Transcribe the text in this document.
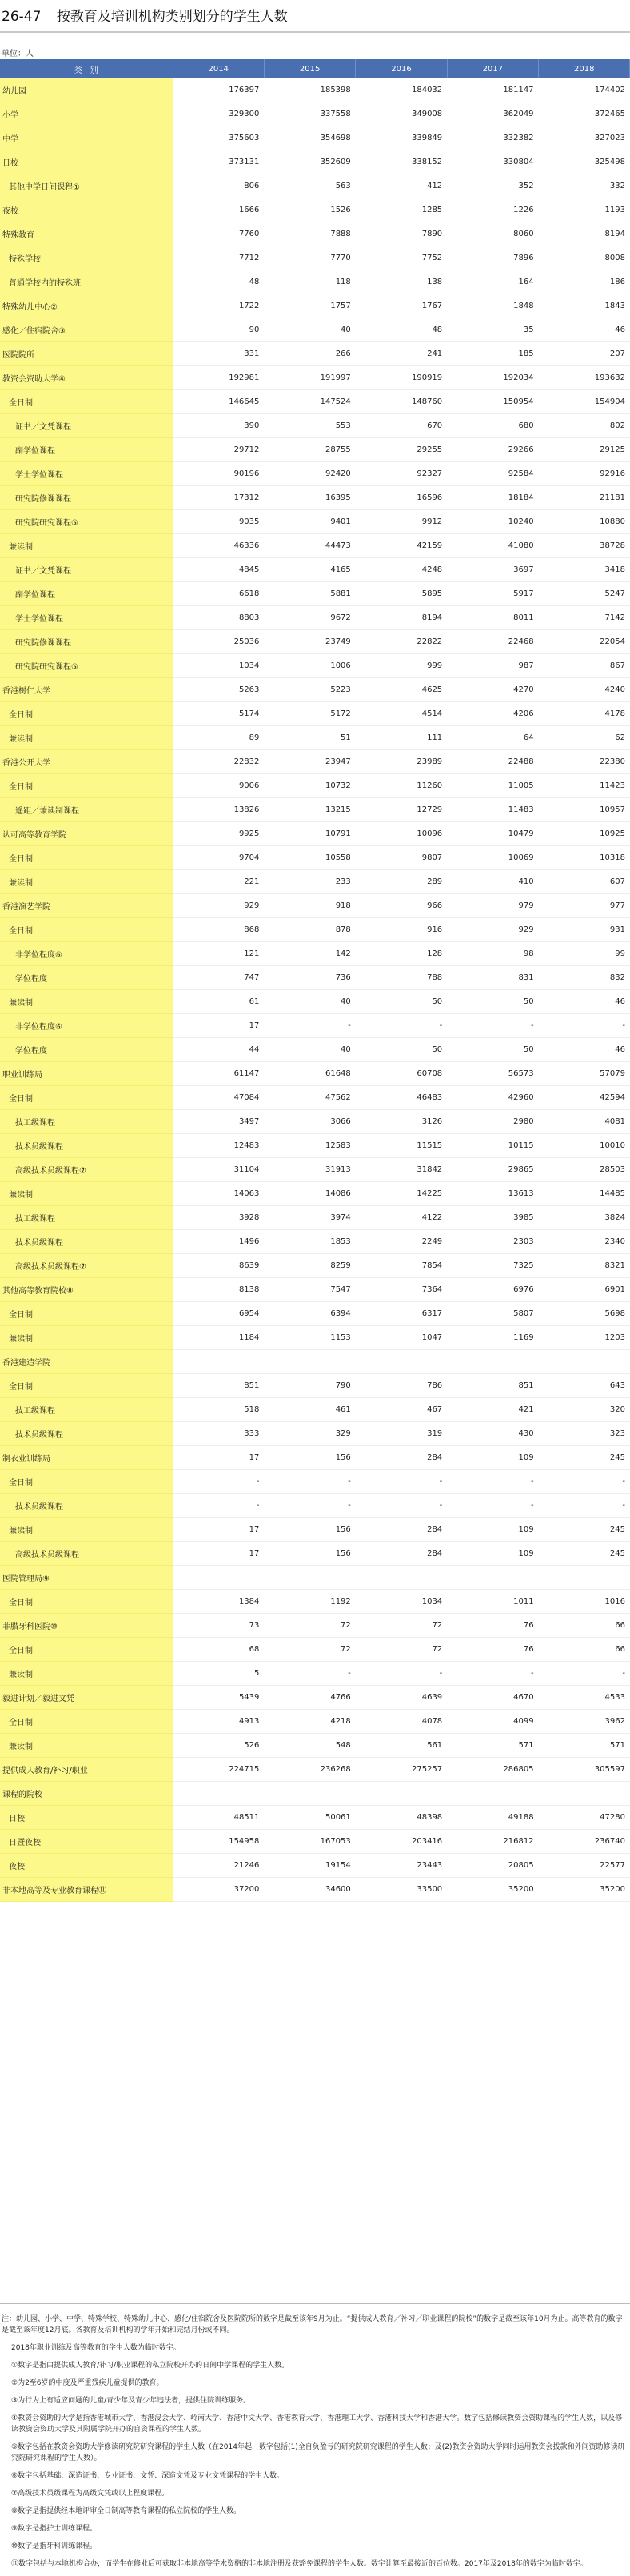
26-47 按教育及培训机构类别划分的学生人数
单位：人
类　别	2014	2015	2016	2017	2018
幼儿园	176397	185398	184032	181147	174402
小学	329300	337558	349008	362049	372465
中学	375603	354698	339849	332382	327023
日校	373131	352609	338152	330804	325498
其他中学日间课程①	806	563	412	352	332
夜校	1666	1526	1285	1226	1193
特殊教育	7760	7888	7890	8060	8194
特殊学校	7712	7770	7752	7896	8008
普通学校内的特殊班	48	118	138	164	186
特殊幼儿中心②	1722	1757	1767	1848	1843
感化／住宿院舍③	90	40	48	35	46
医院院所	331	266	241	185	207
教资会资助大学④	192981	191997	190919	192034	193632
全日制	146645	147524	148760	150954	154904
证书／文凭课程	390	553	670	680	802
副学位课程	29712	28755	29255	29266	29125
学士学位课程	90196	92420	92327	92584	92916
研究院修课课程	17312	16395	16596	18184	21181
研究院研究课程⑤	9035	9401	9912	10240	10880
兼读制	46336	44473	42159	41080	38728
证书／文凭课程	4845	4165	4248	3697	3418
副学位课程	6618	5881	5895	5917	5247
学士学位课程	8803	9672	8194	8011	7142
研究院修课课程	25036	23749	22822	22468	22054
研究院研究课程⑤	1034	1006	999	987	867
香港树仁大学	5263	5223	4625	4270	4240
全日制	5174	5172	4514	4206	4178
兼读制	89	51	111	64	62
香港公开大学	22832	23947	23989	22488	22380
全日制	9006	10732	11260	11005	11423
遥距／兼读制课程	13826	13215	12729	11483	10957
认可高等教育学院	9925	10791	10096	10479	10925
全日制	9704	10558	9807	10069	10318
兼读制	221	233	289	410	607
香港演艺学院	929	918	966	979	977
全日制	868	878	916	929	931
非学位程度⑥	121	142	128	98	99
学位程度	747	736	788	831	832
兼读制	61	40	50	50	46
非学位程度⑥	17	-	-	-	-
学位程度	44	40	50	50	46
职业训练局	61147	61648	60708	56573	57079
全日制	47084	47562	46483	42960	42594
技工级课程	3497	3066	3126	2980	4081
技术员级课程	12483	12583	11515	10115	10010
高级技术员级课程⑦	31104	31913	31842	29865	28503
兼读制	14063	14086	14225	13613	14485
技工级课程	3928	3974	4122	3985	3824
技术员级课程	1496	1853	2249	2303	2340
高级技术员级课程⑦	8639	8259	7854	7325	8321
其他高等教育院校⑧	8138	7547	7364	6976	6901
全日制	6954	6394	6317	5807	5698
兼读制	1184	1153	1047	1169	1203
香港建造学院					
全日制	851	790	786	851	643
技工级课程	518	461	467	421	320
技术员级课程	333	329	319	430	323
制衣业训练局	17	156	284	109	245
全日制	-	-	-	-	-
技术员级课程	-	-	-	-	-
兼读制	17	156	284	109	245
高级技术员级课程	17	156	284	109	245
医院管理局⑨					
全日制	1384	1192	1034	1011	1016
菲腊牙科医院⑩	73	72	72	76	66
全日制	68	72	72	76	66
兼读制	5	-	-	-	-
毅进计划／毅进文凭	5439	4766	4639	4670	4533
全日制	4913	4218	4078	4099	3962
兼读制	526	548	561	571	571
提供成人教育/补习/职业	224715	236268	275257	286805	305597
课程的院校					
日校	48511	50061	48398	49188	47280
日暨夜校	154958	167053	203416	216812	236740
夜校	21246	19154	23443	20805	22577
非本地高等及专业教育课程⑪	37200	34600	33500	35200	35200
注：幼儿园、小学、中学、特殊学校、特殊幼儿中心、感化/住宿院舍及医院院所的数字是截至该年9月为止。“提供成人教育／补习／职业课程的院校”的数字是截至该年10月为止。高等教育的数字是截至该年度12月底。各教育及培训机构的学年开始和完结月份或不同。
2018年职业训练及高等教育的学生人数为临时数字。
①数字是指由提供成人教育/补习/职业课程的私立院校开办的日间中学课程的学生人数。
②为2至6岁的中度及严重残疾儿童提供的教育。
③为行为上有适应问题的儿童/青少年及青少年违法者，提供住院训练服务。
④教资会资助的大学是指香港城市大学、香港浸会大学、岭南大学、香港中文大学、香港教育大学、香港理工大学、香港科技大学和香港大学。数字包括修读教资会资助课程的学生人数，以及修读教资会资助大学及其附属学院开办的自资课程的学生人数。
⑤数字包括在教资会资助大学修读研究院研究课程的学生人数（在2014年起，数字包括(1)全自负盈亏的研究院研究课程的学生人数；及(2)教资会资助大学同时运用教资会拨款和外间资助修读研究院研究课程的学生人数）。
⑥数字包括基础、深造证书、专业证书、文凭、深造文凭及专业文凭课程的学生人数。
⑦高级技术员级课程为高级文凭或以上程度课程。
⑧数字是指提供经本地评审全日制高等教育课程的私立院校的学生人数。
⑨数字是指护士训练课程。
⑩数字是指牙科训练课程。
⑪数字包括与本地机构合办，而学生在修业后可获取非本地高等学术资格的非本地注册及获豁免课程的学生人数。数字计算至最接近的百位数。2017年及2018年的数字为临时数字。
